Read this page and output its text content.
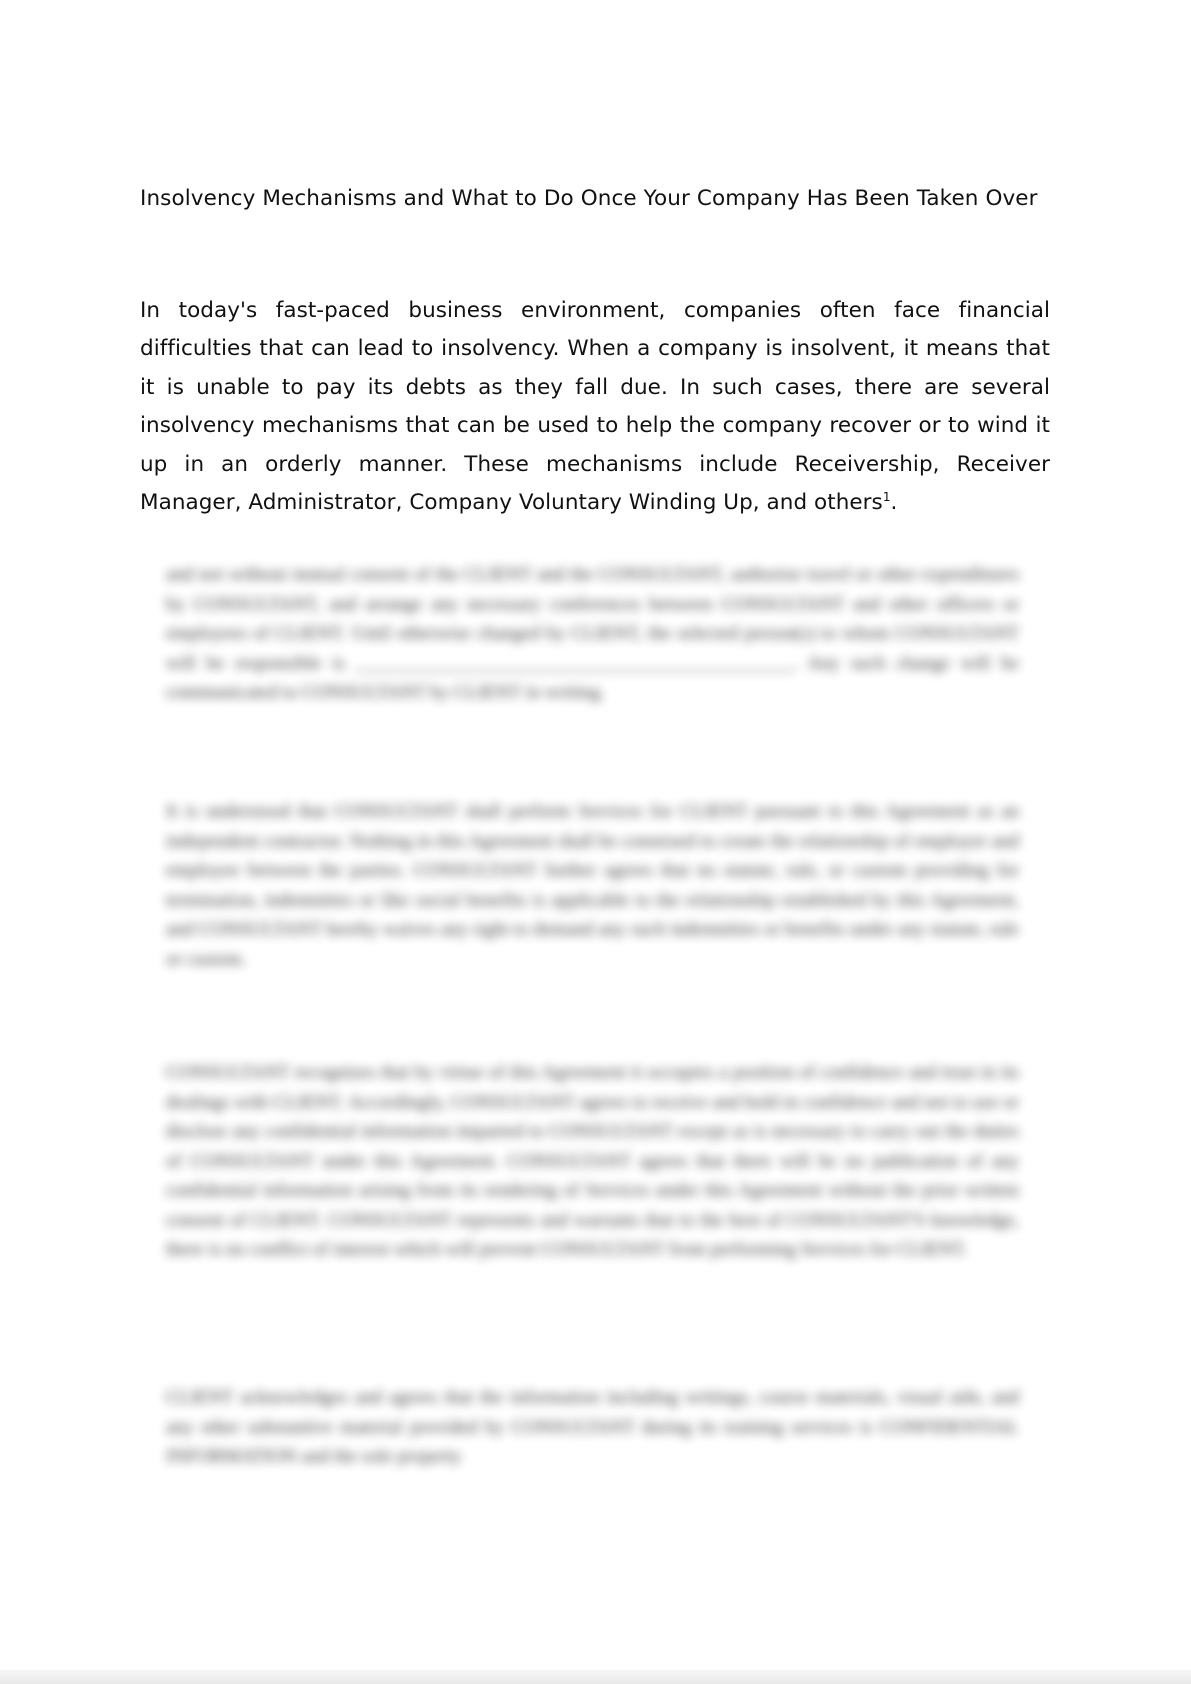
Insolvency Mechanisms and What to Do Once Your Company Has Been Taken Over
In today's fast-paced business environment, companies often face financial difficulties that can lead to insolvency. When a company is insolvent, it means that it is unable to pay its debts as they fall due. In such cases, there are several insolvency mechanisms that can be used to help the company recover or to wind it up in an orderly manner. These mechanisms include Receivership, Receiver Manager, Administrator, Company Voluntary Winding Up, and others$^1$.
and not without mutual consent of the CLIENT and the CONSULTANT, authorize travel or other expenditures by CONSULTANT, and arrange any necessary conferences between CONSULTANT and other officers or employees of CLIENT. Until otherwise changed by CLIENT, the selected person(s) to whom CONSULTANT will be responsible is ______________________________________________. Any such change will be communicated to CONSULTANT by CLIENT in writing.
It is understood that CONSULTANT shall perform Services for CLIENT pursuant to this Agreement as an independent contractor. Nothing in this Agreement shall be construed to create the relationship of employer and employee between the parties. CONSULTANT further agrees that no statute, rule, or custom providing for termination, indemnities or like social benefits is applicable to the relationship established by this Agreement, and CONSULTANT hereby waives any right to demand any such indemnities or benefits under any statute, rule or custom.
CONSULTANT recognizes that by virtue of this Agreement it occupies a position of confidence and trust in its dealings with CLIENT. Accordingly, CONSULTANT agrees to receive and hold in confidence and not to use or disclose any confidential information imparted to CONSULTANT except as is necessary to carry out the duties of CONSULTANT under this Agreement. CONSULTANT agrees that there will be no publication of any confidential information arising from its rendering of Services under this Agreement without the prior written consent of CLIENT. CONSULTANT represents and warrants that to the best of CONSULTANT'S knowledge, there is no conflict of interest which will prevent CONSULTANT from performing Services for CLIENT.
CLIENT acknowledges and agrees that the information including writings, course materials, visual aids, and any other substantive material provided by CONSULTANT during its training services is CONFIDENTIAL INFORMATION and the sole property
